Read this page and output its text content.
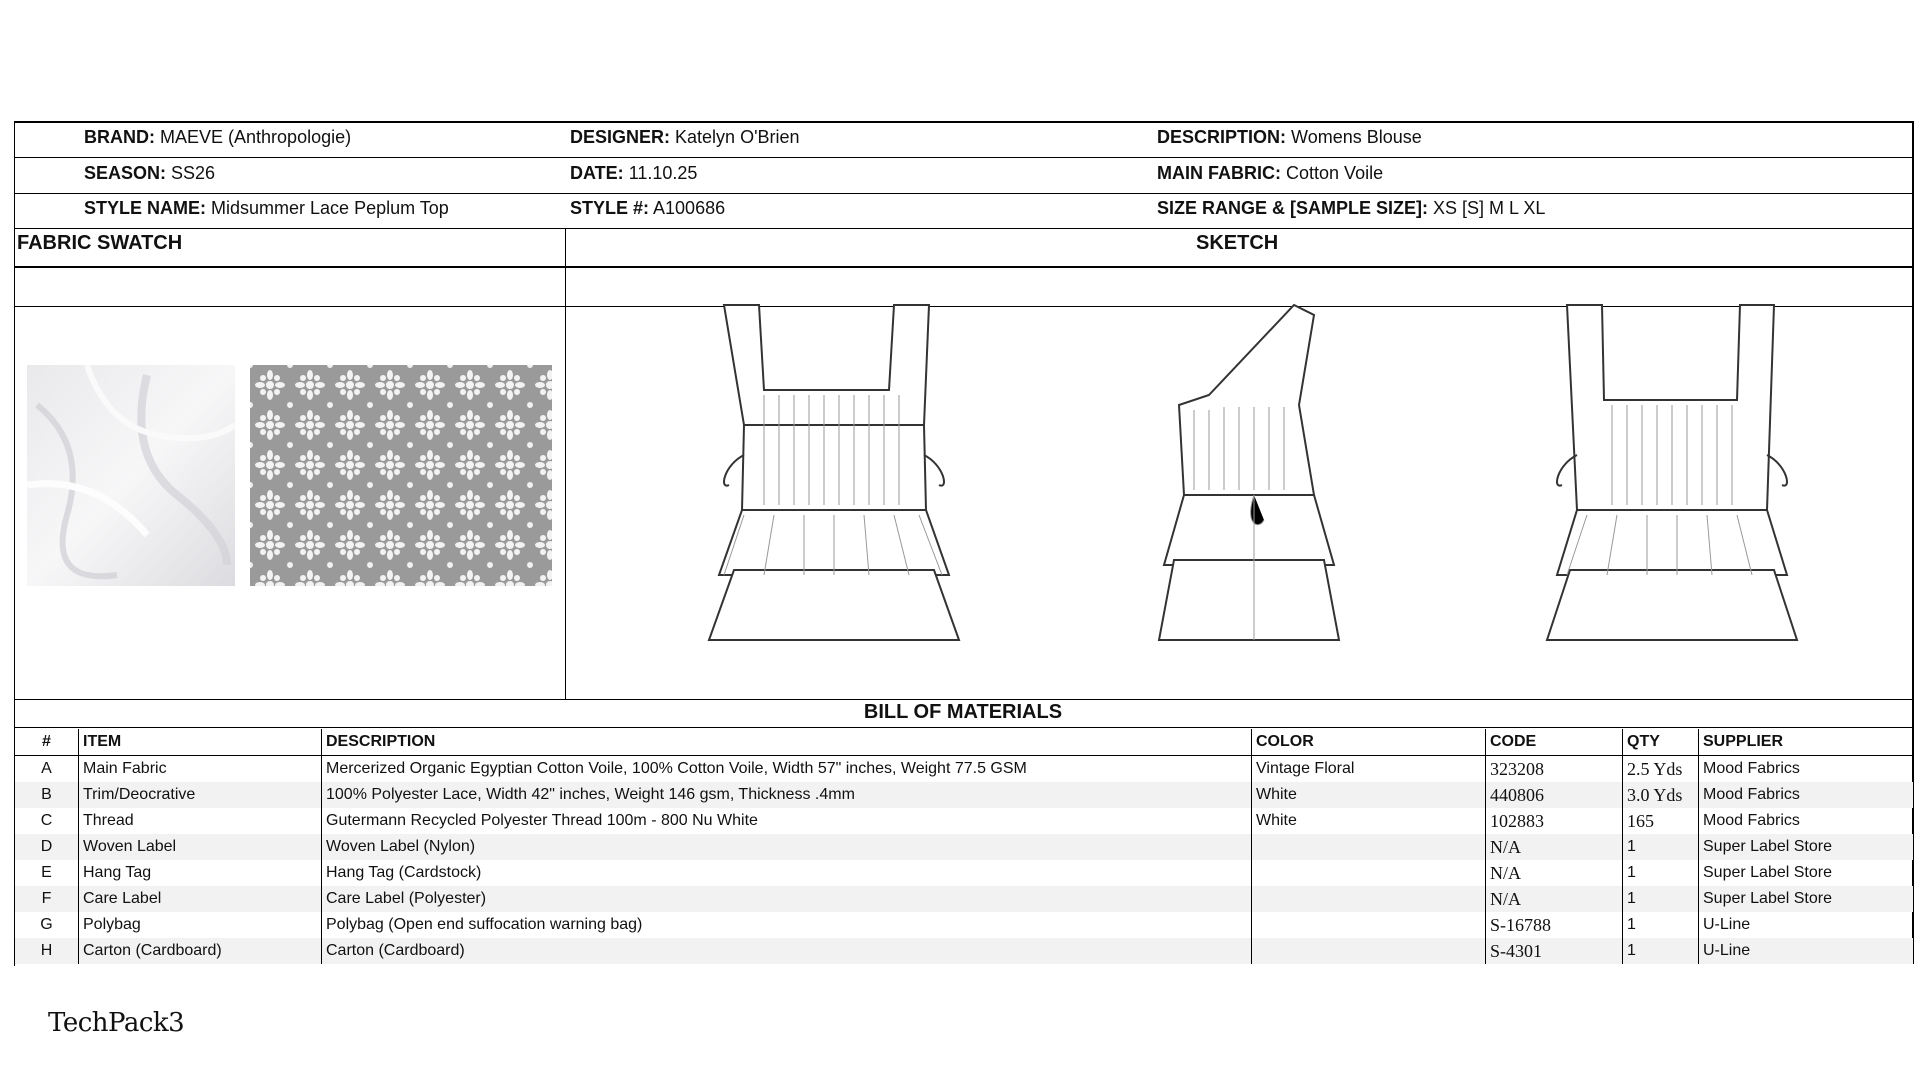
BRAND: MAEVE (Anthropologie)	DESIGNER: Katelyn O'Brien	DESCRIPTION: Womens Blouse
SEASON: SS26	DATE: 11.10.25	MAIN FABRIC: Cotton Voile
STYLE NAME: Midsummer Lace Peplum Top	STYLE #: A100686	SIZE RANGE & [SAMPLE SIZE]: XS [S] M L XL
FABRIC SWATCH	SKETCH
BILL OF MATERIALS
#	ITEM	DESCRIPTION	COLOR	CODE	QTY	SUPPLIER
A	Main Fabric	Mercerized Organic Egyptian Cotton Voile, 100% Cotton Voile, Width 57" inches, Weight 77.5 GSM	Vintage Floral	323208	2.5 Yds	Mood Fabrics
B	Trim/Deocrative	100% Polyester Lace, Width 42" inches, Weight 146 gsm, Thickness .4mm	White	440806	3.0 Yds	Mood Fabrics
C	Thread	Gutermann Recycled Polyester Thread 100m - 800 Nu White	White	102883	165	Mood Fabrics
D	Woven Label	Woven Label (Nylon)		N/A	1	Super Label Store
E	Hang Tag	Hang Tag (Cardstock)		N/A	1	Super Label Store
F	Care Label	Care Label (Polyester)		N/A	1	Super Label Store
G	Polybag	Polybag (Open end suffocation warning bag)		S-16788	1	U-Line
H	Carton (Cardboard)	Carton (Cardboard)		S-4301	1	U-Line
TechPack3
